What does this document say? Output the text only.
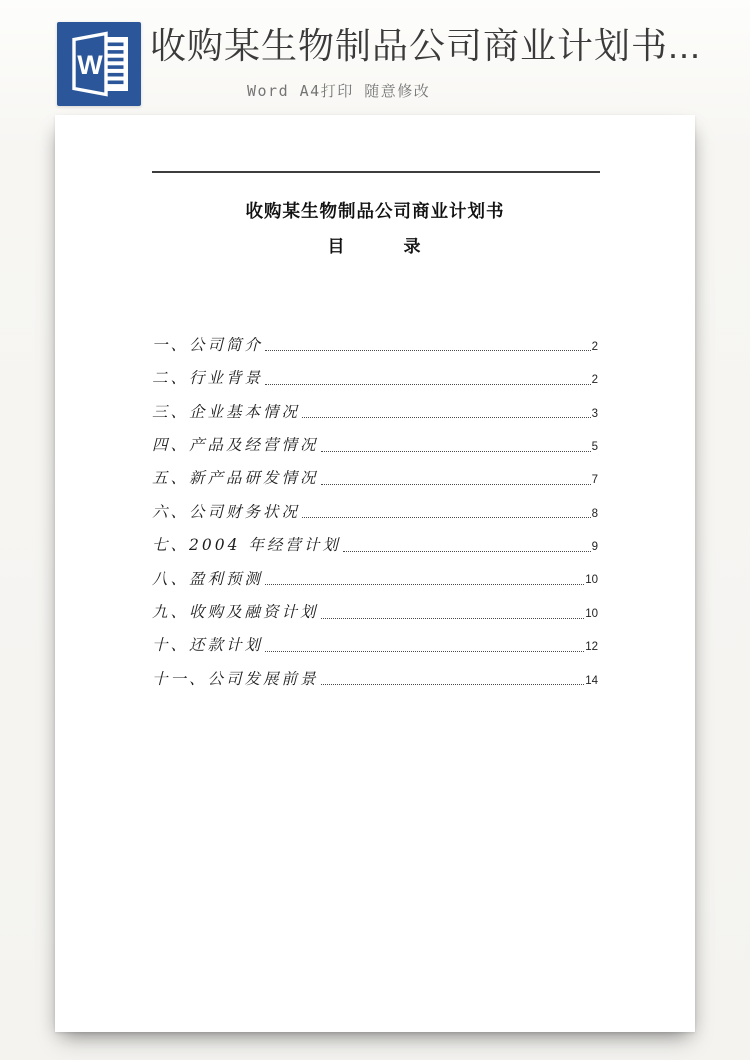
W 收购某生物制品公司商业计划书...
Word A4打印 随意修改
收购某生物制品公司商业计划书
目　　　录
一、公司简介	2
二、行业背景	2
三、企业基本情况	3
四、产品及经营情况	5
五、新产品研发情况	7
六、公司财务状况	8
七、2004 年经营计划	9
八、盈利预测	10
九、收购及融资计划	10
十、还款计划	12
十一、公司发展前景	14
